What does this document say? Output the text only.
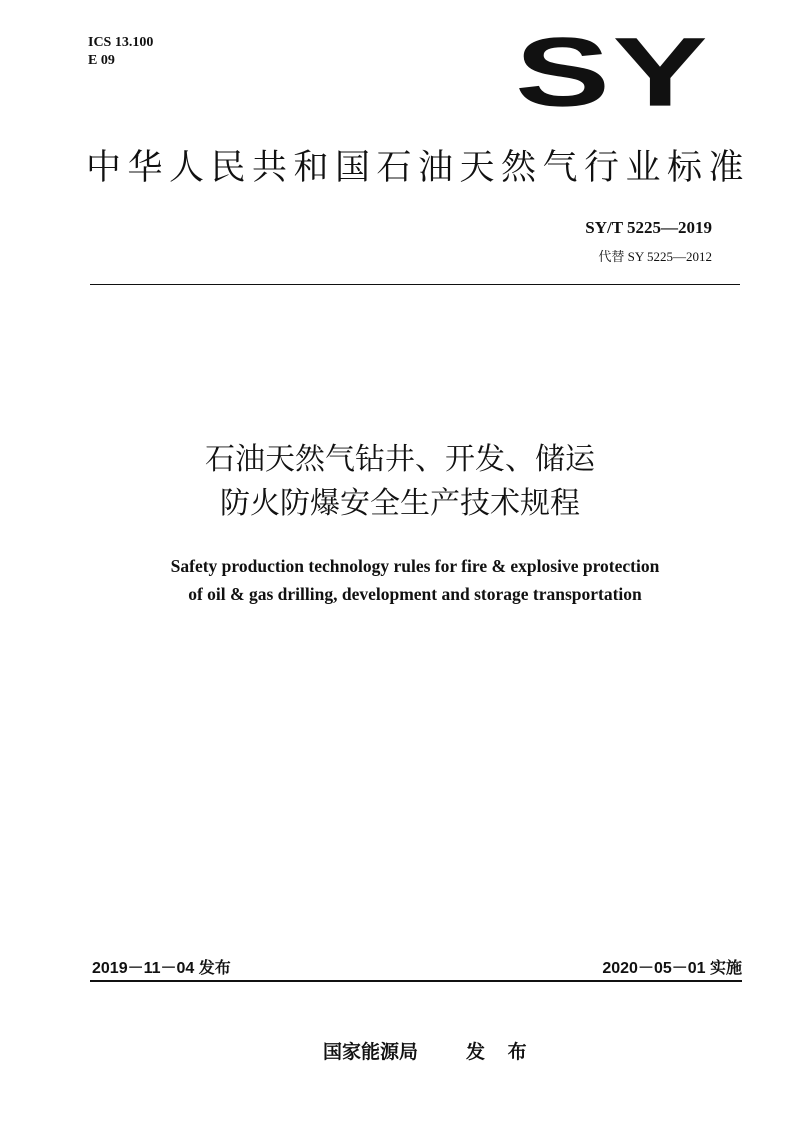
ICS 13.100
E 09	SY
中华人民共和国石油天然气行业标准
SY/T 5225—2019
代替 SY 5225—2012
石油天然气钻井、开发、储运
防火防爆安全生产技术规程
Safety production technology rules for fire & explosive protection
of oil & gas drilling, development and storage transportation
2019－11－04 发布	2020－05－01 实施
国家能源局	发 布
